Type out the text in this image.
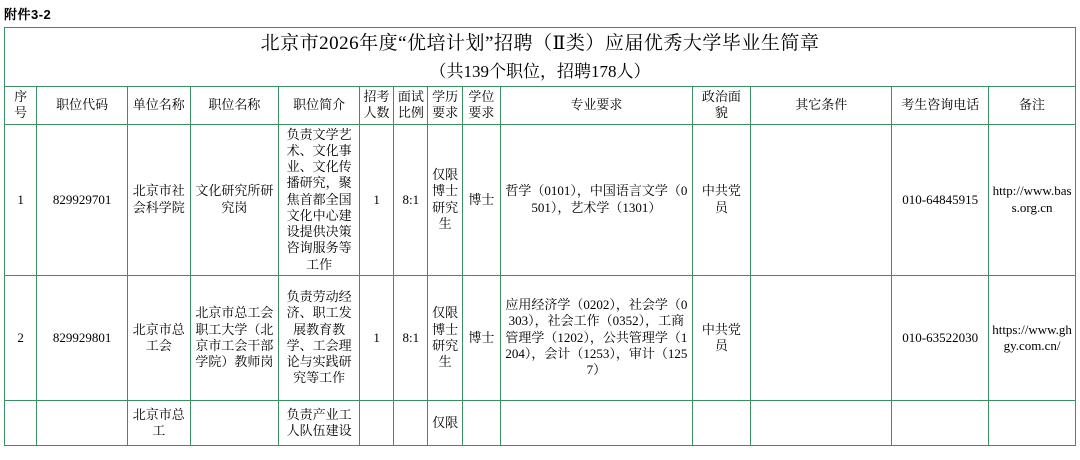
附件3-2
北京市2026年度“优培计划”招聘（Ⅱ类）应届优秀大学毕业生简章
（共139个职位，招聘178人）													

序号	职位代码	单位名称	职位名称	职位简介	招考人数	面试比例	学历要求	学位要求	专业要求	政治面貌	其它条件	考生咨询电话	备注
1	829929701	北京市社会科学院	文化研究所研究岗	负责文学艺术、文化事业、文化传播研究，聚焦首都全国文化中心建设提供决策咨询服务等工作	1	8:1	仅限博士研究生	博士	哲学（0101），中国语言文学（0501），艺术学（1301）	中共党员		010-64845915	http://www.bass.org.cn
2	829929801	北京市总工会	北京市总工会职工大学（北京市工会干部学院）教师岗	负责劳动经济、职工发展教育教学、工会理论与实践研究等工作	1	8:1	仅限博士研究生	博士	应用经济学（0202），社会学（0303），社会工作（0352），工商管理学（1202），公共管理学（1204），会计（1253），审计（1257）	中共党员		010-63522030	https://www.ghgy.com.cn/
		北京市总工		负责产业工人队伍建设			仅限						
